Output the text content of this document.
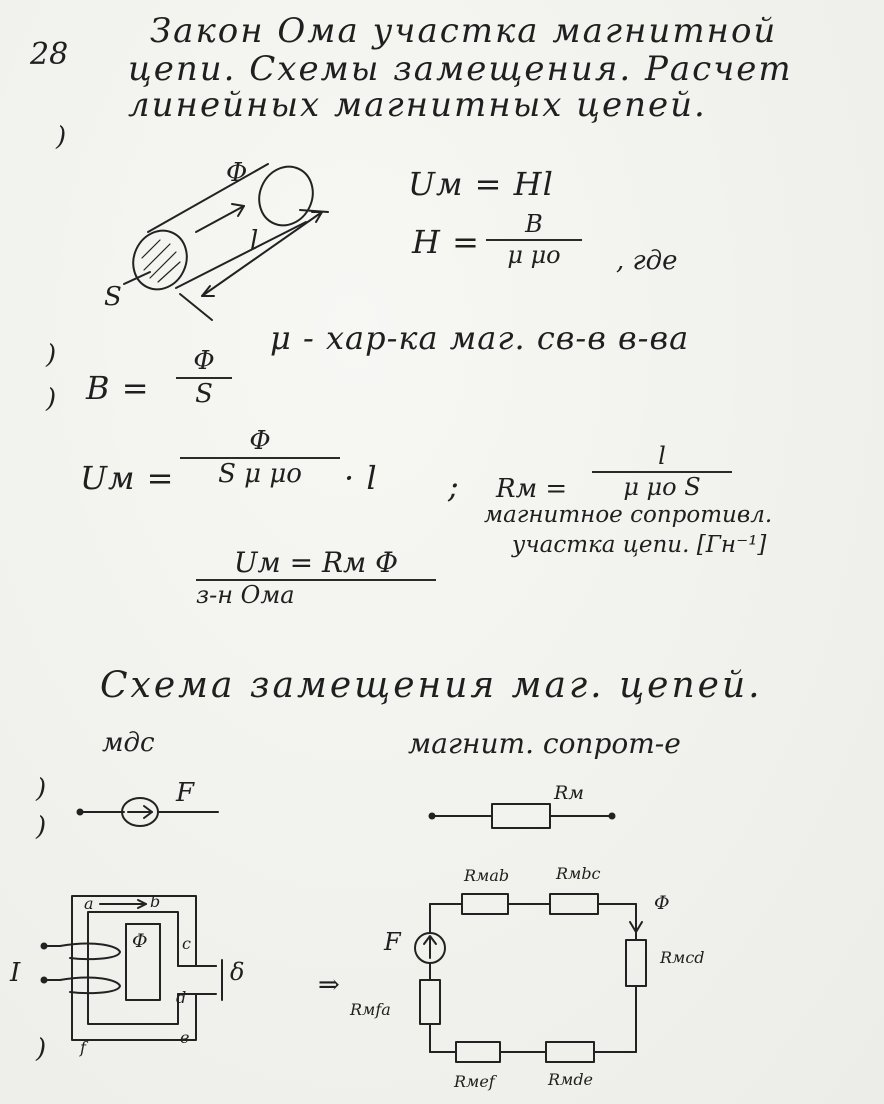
28
Закон Ома участка магнитной
цепи. Схемы замещения. Расчет
линейных магнитных цепей.
)
)
)
)
)
)
Φ
l
S
Uм = Hl
H =	B
μ μo	, где
μ - хар-ка маг. св-в в-ва
B =
Φ
S
Uм =
Φ
S μ μo	· l ; Rм =
l
μ μo S
магнитное сопротивл.
участка цепи. [Гн⁻¹]
Uм = Rм Φ
з-н Ома
Схема замещения маг. цепей.
мдс	магнит. сопрот-е
F	Rм
I
Φ
δ
a	b
c
d
e
f
⇒
F
Φ
Rмab	Rмbc
Rмcd
Rмde
Rмef
Rмfa
